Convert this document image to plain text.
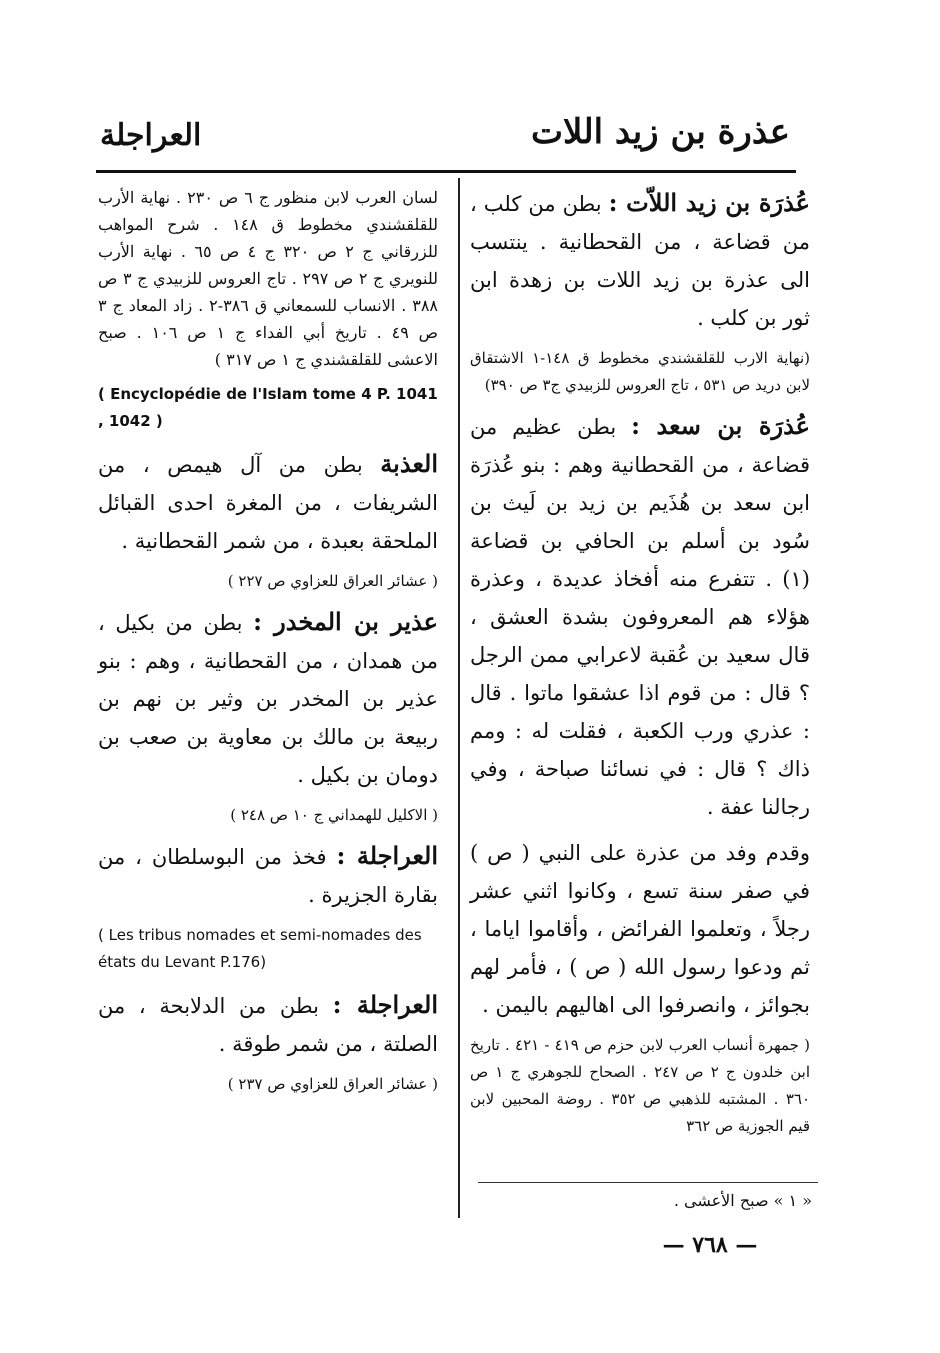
عذرة بن زيد اللات
العراجلة

عُذرَة بن زيد اللاّت : بطن من كلب ، من قضاعة ، من القحطانية . ينتسب الى عذرة بن زيد اللات بن زهدة ابن ثور بن كلب .

(نهاية الارب للقلقشندي مخطوط ق ١٤٨-١ الاشتقاق لابن دريد ص ٥٣١ ، تاج العروس للزبيدي ج٣ ص ٣٩٠)

عُذرَة بن سعد : بطن عظيم من قضاعة ، من القحطانية وهم : بنو عُذرَة ابن سعد بن هُذَيم بن زيد بن لَيث بن سُود بن أسلم بن الحافي بن قضاعة (١) . تتفرع منه أفخاذ عديدة ، وعذرة هؤلاء هم المعروفون بشدة العشق ، قال سعيد بن عُقبة لاعرابي ممن الرجل ؟ قال : من قوم اذا عشقوا ماتوا . قال : عذري ورب الكعبة ، فقلت له : ومم ذاك ؟ قال : في نسائنا صباحة ، وفي رجالنا عفة .

وقدم وفد من عذرة على النبي ( ص ) في صفر سنة تسع ، وكانوا اثني عشر رجلاً ، وتعلموا الفرائض ، وأقاموا اياما ، ثم ودعوا رسول الله ( ص ) ، فأمر لهم بجوائز ، وانصرفوا الى اهاليهم باليمن .

( جمهرة أنساب العرب لابن حزم ص ٤١٩ - ٤٢١ . تاريخ ابن خلدون ج ٢ ص ٢٤٧ . الصحاح للجوهري ج ١ ص ٣٦٠ . المشتبه للذهبي ص ٣٥٢ . روضة المحبين لابن قيم الجوزية ص ٣٦٢

لسان العرب لابن منظور ج ٦ ص ٢٣٠ . نهاية الأرب للقلقشندي مخطوط ق ١٤٨ . شرح المواهب للزرقاني ج ٢ ص ٣٢٠ ج ٤ ص ٦٥ . نهاية الأرب للنويري ج ٢ ص ٢٩٧ . تاج العروس للزبيدي ج ٣ ص ٣٨٨ . الانساب للسمعاني ق ٣٨٦-٢ . زاد المعاد ج ٣ ص ٤٩ . تاريخ أبي الفداء ج ١ ص ١٠٦ . صبح الاعشى للقلقشندي ج ١ ص ٣١٧ )

( Encyclopédie de l'Islam tome 4 P. 1041 , 1042 )

العذبة بطن من آل هيمص ، من الشريفات ، من المغرة احدى القبائل الملحقة بعبدة ، من شمر القحطانية .

( عشائر العراق للعزاوي ص ٢٢٧ )

عذير بن المخدر : بطن من بكيل ، من همدان ، من القحطانية ، وهم : بنو عذير بن المخدر بن وثير بن نهم بن ربيعة بن مالك بن معاوية بن صعب بن دومان بن بكيل .

( الاكليل للهمداني ج ١٠ ص ٢٤٨ )

العراجلة : فخذ من البوسلطان ، من بقارة الجزيرة .

( Les tribus nomades et semi-nomades des états du Levant P.176)

العراجلة : بطن من الدلابحة ، من الصلتة ، من شمر طوقة .

( عشائر العراق للعزاوي ص ٢٣٧ )

« ١ » صبح الأعشى .
— ٧٦٨ —
